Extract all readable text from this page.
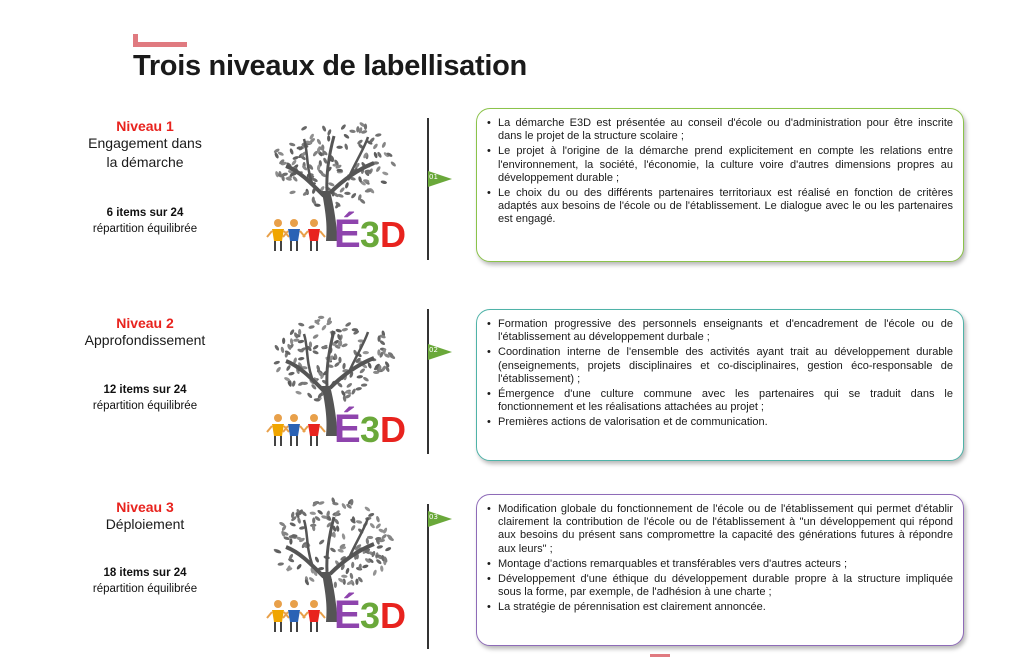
Trois niveaux de labellisation
Niveau 1
Engagement dans la démarche
6 items sur 24
répartition équilibrée	É 3 D
01
• La démarche E3D est présentée au conseil d'école ou d'administration pour être inscrite dans le projet de la structure scolaire ;
• Le projet à l'origine de la démarche prend explicitement en compte les relations entre l'environnement, la société, l'économie, la culture voire d'autres dimensions propres au développement durable ;
• Le choix du ou des différents partenaires territoriaux est réalisé en fonction de critères adaptés aux besoins de l'école ou de l'établissement. Le dialogue avec le ou les partenaires est engagé.
Niveau 2
Approfondissement
12 items sur 24
répartition équilibrée
É 3 D
02
• Formation progressive des personnels enseignants et d'encadrement de l'école ou de l'établissement au développement durbale ;
• Coordination interne de l'ensemble des activités ayant trait au développement durable (enseignements, projets disciplinaires et co-disciplinaires, gestion éco-responsable de l'établissement) ;
• Émergence d'une culture commune avec les partenaires qui se traduit dans le fonctionnement et les réalisations attachées au projet ;
• Premières actions de valorisation et de communication.
Niveau 3
Déploiement
18 items sur 24
répartition équilibrée
É 3 D
03
• Modification globale du fonctionnement de l'école ou de l'établissement qui permet d'établir clairement la contribution de l'école ou de l'établissement à "un développement qui répond aux besoins du présent sans compromettre la capacité des générations futures à répondre aux leurs" ;
• Montage d'actions remarquables et transférables vers d'autres acteurs ;
• Développement d'une éthique du développement durable propre à la structure impliquée sous la forme, par exemple, de l'adhésion à une charte ;
• La stratégie de pérennisation est clairement annoncée.
